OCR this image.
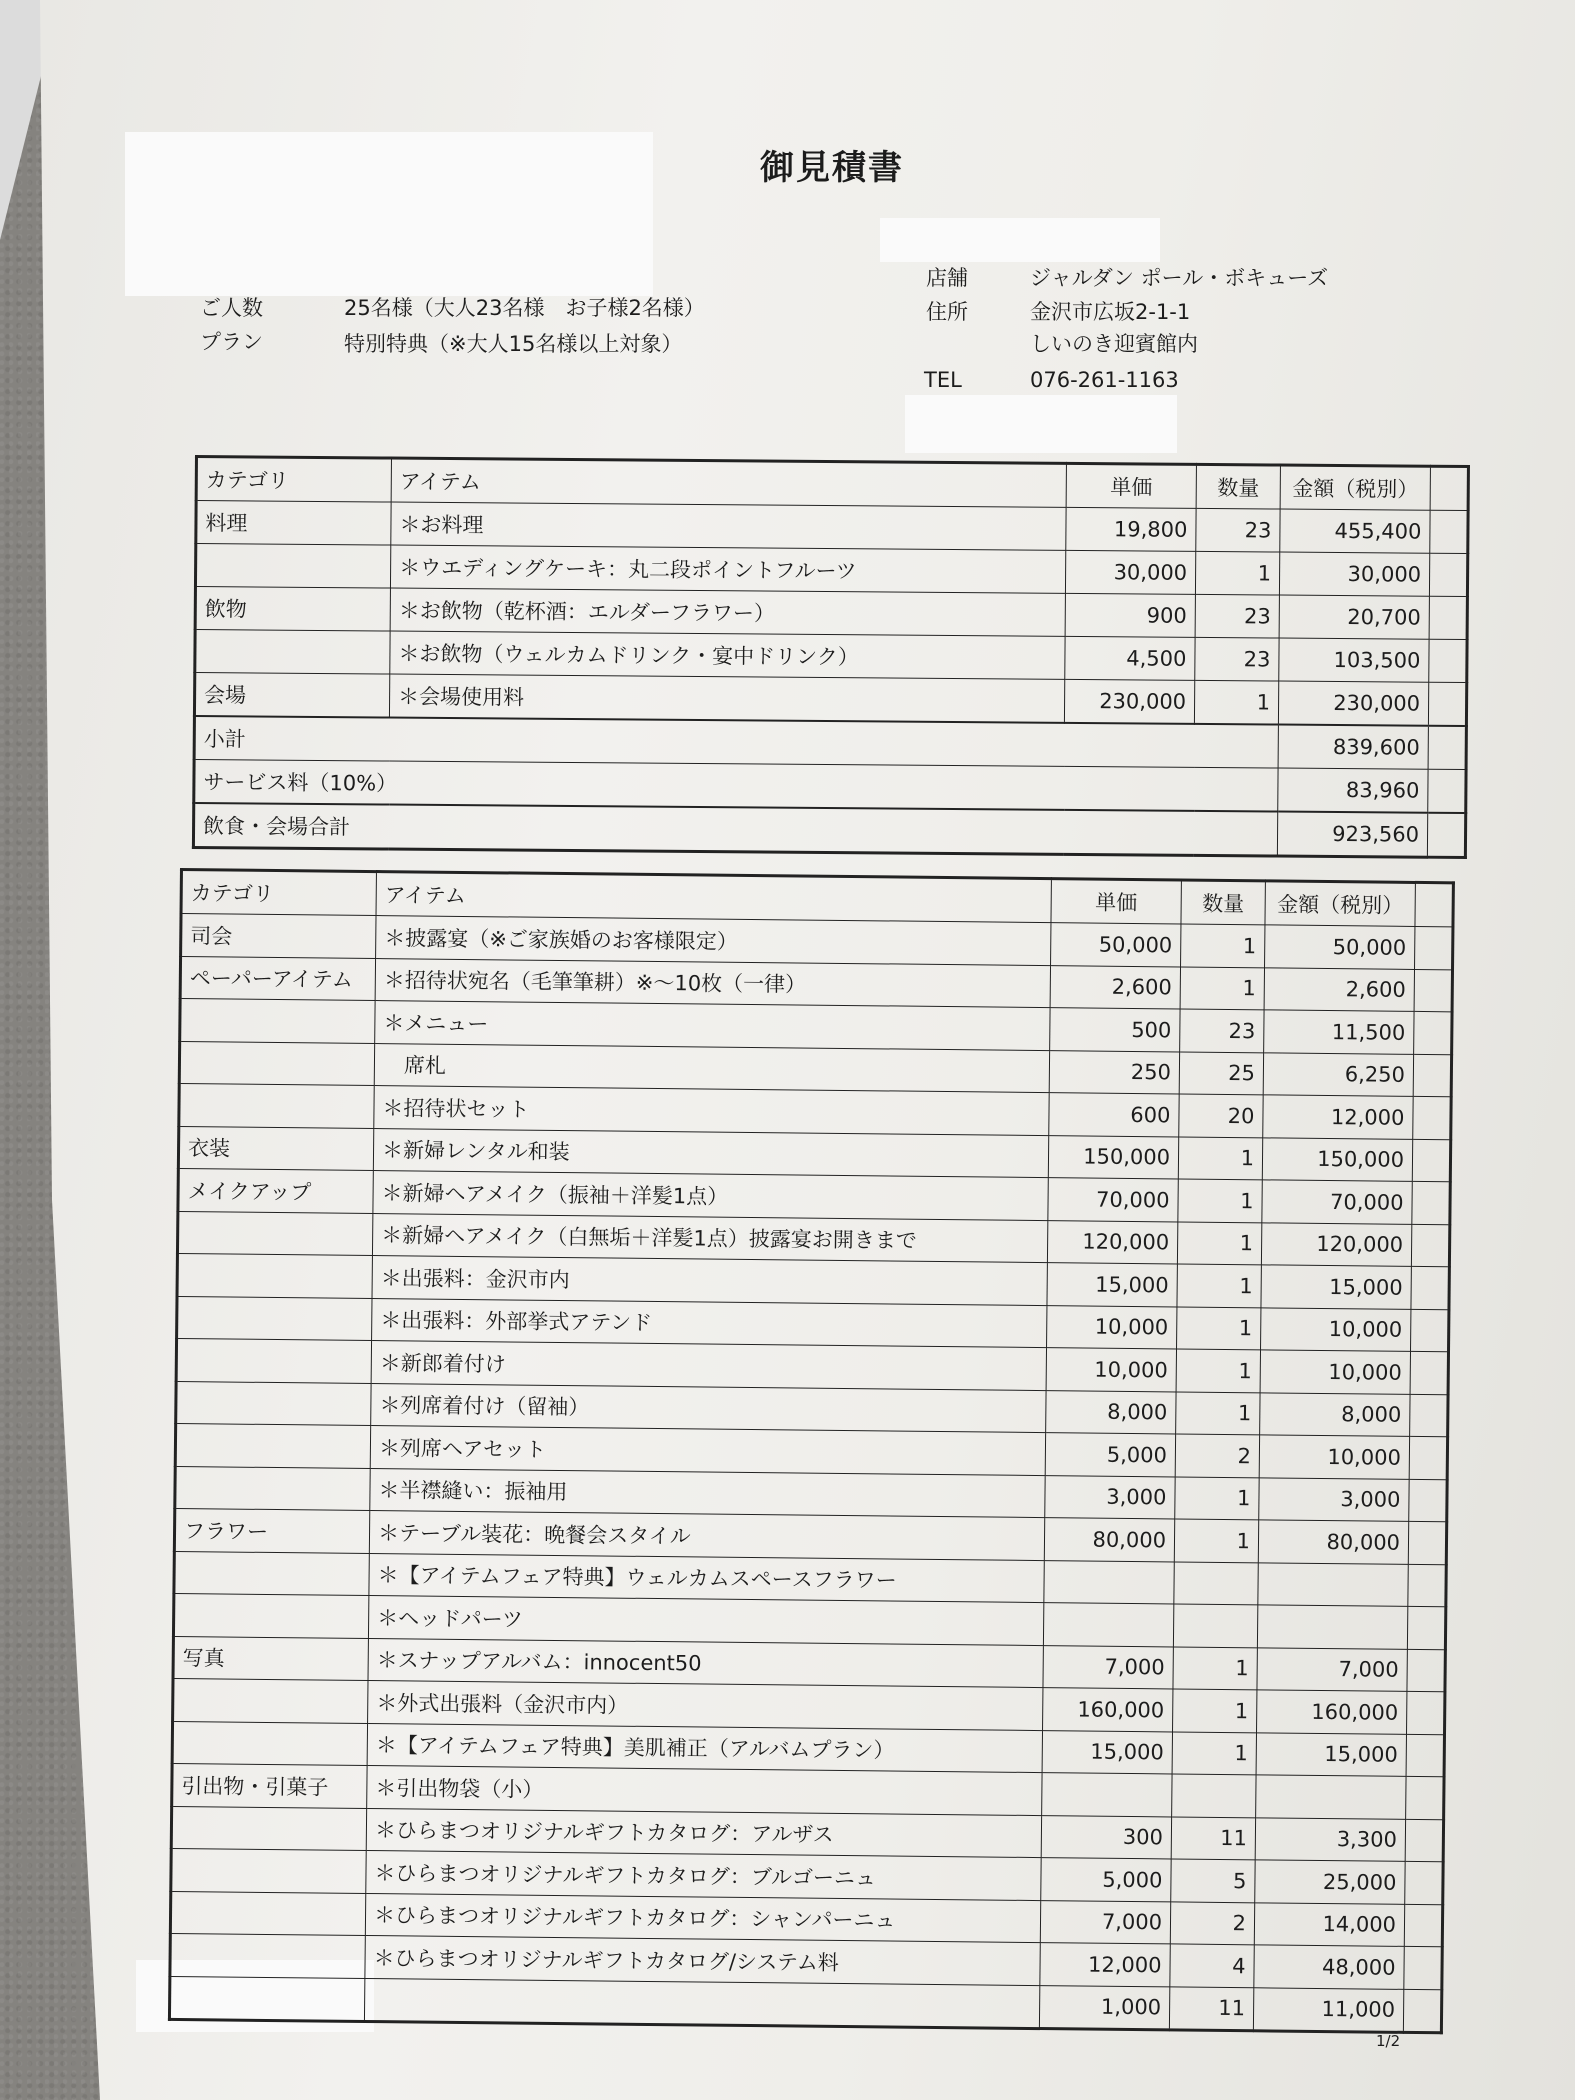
御見積書
ご人数	25名様（大人23名様　お子様2名様）
プラン	特別特典（※大人15名様以上対象）
店舗	ジャルダン ポール・ボキューズ
住所	金沢市広坂2-1-1
しいのき迎賓館内
TEL	076-261-1163
カテゴリ	アイテム	単価	数量	金額（税別）	
料理	＊お料理	19,800	23	455,400	
	＊ウエディングケーキ：丸二段ポイントフルーツ	30,000	1	30,000	
飲物	＊お飲物（乾杯酒：エルダーフラワー）	900	23	20,700	
	＊お飲物（ウェルカムドリンク・宴中ドリンク）	4,500	23	103,500	
会場	＊会場使用料	230,000	1	230,000	
小計				839,600	
サービス料（10%）				83,960	
飲食・会場合計				923,560	
カテゴリ	アイテム	単価	数量	金額（税別）	
司会	＊披露宴（※ご家族婚のお客様限定）	50,000	1	50,000	
ペーパーアイテム	＊招待状宛名（毛筆筆耕）※～10枚（一律）	2,600	1	2,600	
	＊メニュー	500	23	11,500	
	　席札	250	25	6,250	
	＊招待状セット	600	20	12,000	
衣装	＊新婦レンタル和装	150,000	1	150,000	
メイクアップ	＊新婦ヘアメイク（振袖＋洋髪1点）	70,000	1	70,000	
	＊新婦ヘアメイク（白無垢＋洋髪1点）披露宴お開きまで	120,000	1	120,000	
	＊出張料：金沢市内	15,000	1	15,000	
	＊出張料：外部挙式アテンド	10,000	1	10,000	
	＊新郎着付け	10,000	1	10,000	
	＊列席着付け（留袖）	8,000	1	8,000	
	＊列席ヘアセット	5,000	2	10,000	
	＊半襟縫い：振袖用	3,000	1	3,000	
フラワー	＊テーブル装花：晩餐会スタイル	80,000	1	80,000	
	＊【アイテムフェア特典】ウェルカムスペースフラワー				
	＊ヘッドパーツ				
写真	＊スナップアルバム：innocent50	7,000	1	7,000	
	＊外式出張料（金沢市内）	160,000	1	160,000	
	＊【アイテムフェア特典】美肌補正（アルバムプラン）	15,000	1	15,000	
引出物・引菓子	＊引出物袋（小）				
	＊ひらまつオリジナルギフトカタログ：アルザス	300	11	3,300	
	＊ひらまつオリジナルギフトカタログ：ブルゴーニュ	5,000	5	25,000	
	＊ひらまつオリジナルギフトカタログ：シャンパーニュ	7,000	2	14,000	
	＊ひらまつオリジナルギフトカタログ/システム料	12,000	4	48,000	
		1,000	11	11,000	
1/2
